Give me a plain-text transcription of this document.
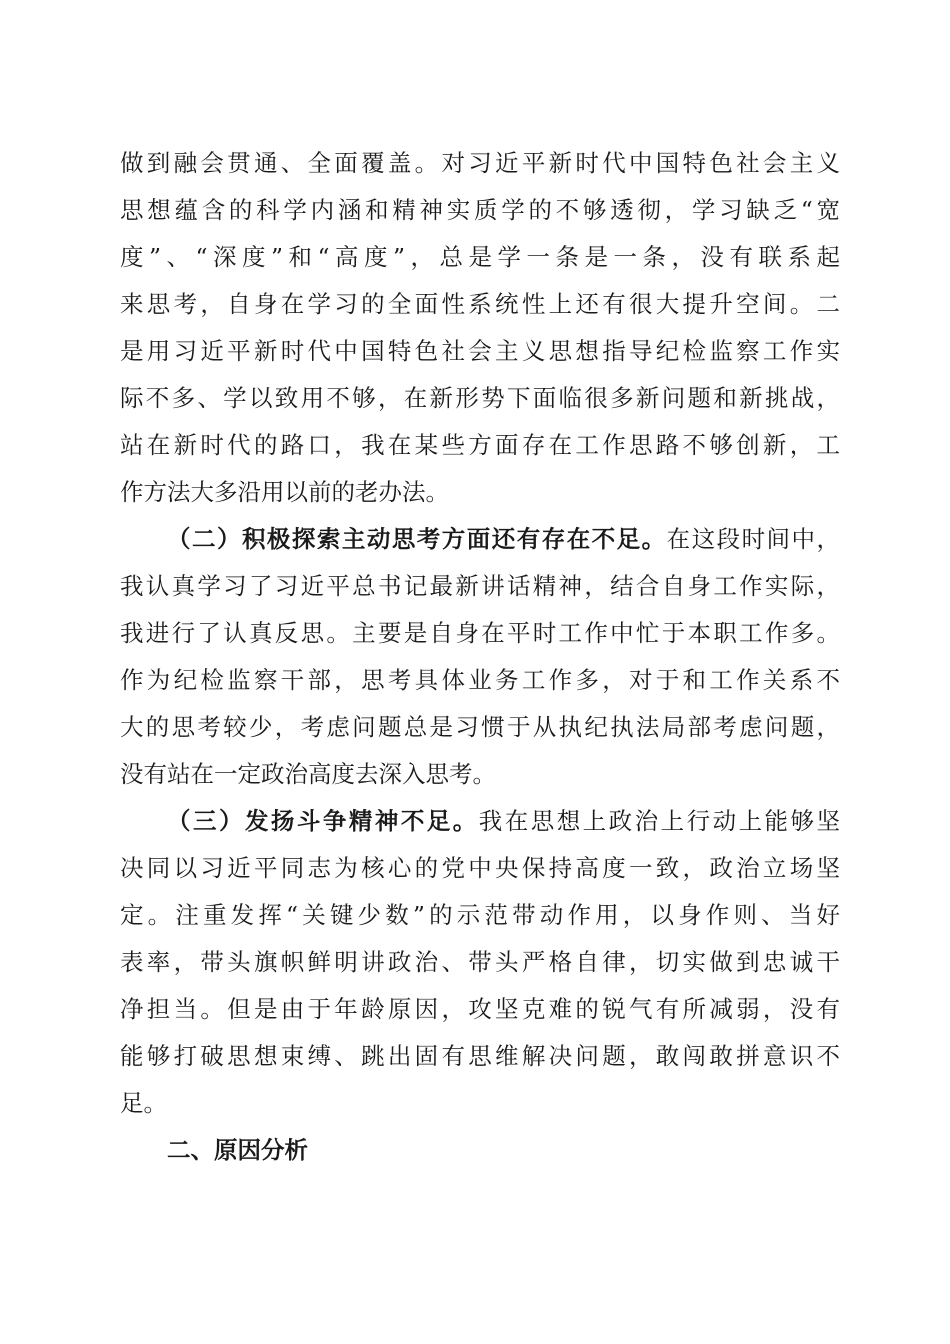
做到融会贯通、全面覆盖。对习近平新时代中国特色社会主义
思想蕴含的科学内涵和精神实质学的不够透彻，学习缺乏“宽
度”、“深度”和“高度”，总是学一条是一条，没有联系起
来思考，自身在学习的全面性系统性上还有很大提升空间。二
是用习近平新时代中国特色社会主义思想指导纪检监察工作实
际不多、学以致用不够，在新形势下面临很多新问题和新挑战，
站在新时代的路口，我在某些方面存在工作思路不够创新，工
作方法大多沿用以前的老办法。
（二）积极探索主动思考方面还有存在不足。在这段时间中，
我认真学习了习近平总书记最新讲话精神，结合自身工作实际，
我进行了认真反思。主要是自身在平时工作中忙于本职工作多。
作为纪检监察干部，思考具体业务工作多，对于和工作关系不
大的思考较少，考虑问题总是习惯于从执纪执法局部考虑问题，
没有站在一定政治高度去深入思考。
（三）发扬斗争精神不足。我在思想上政治上行动上能够坚
决同以习近平同志为核心的党中央保持高度一致，政治立场坚
定。注重发挥“关键少数”的示范带动作用，以身作则、当好
表率，带头旗帜鲜明讲政治、带头严格自律，切实做到忠诚干
净担当。但是由于年龄原因，攻坚克难的锐气有所减弱，没有
能够打破思想束缚、跳出固有思维解决问题，敢闯敢拼意识不
足。
二、原因分析
